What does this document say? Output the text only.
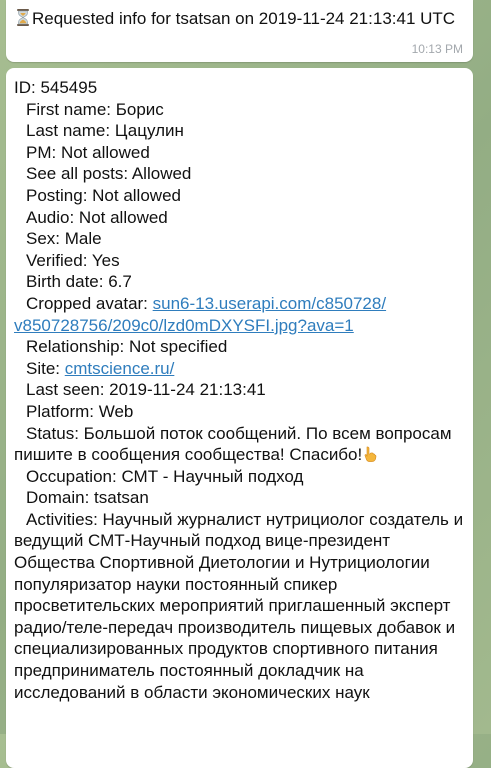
Requested info for tsatsan on 2019-11-24 21:13:41 UTC
10:13 PM
ID: 545495
First name: Борис
Last name: Цацулин
PM: Not allowed
See all posts: Allowed
Posting: Not allowed
Audio: Not allowed
Sex: Male
Verified: Yes
Birth date: 6.7
Cropped avatar: sun6-13.userapi.com/c850728/
v850728756/209c0/lzd0mDXYSFI.jpg?ava=1
Relationship: Not specified
Site: cmtscience.ru/
Last seen: 2019-11-24 21:13:41
Platform: Web
Status: Большой поток сообщений. По всем вопросам пишите в сообщения сообщества! Спасибо!
Occupation: СМТ - Научный подход
Domain: tsatsan
Activities: Научный журналист нутрициолог создатель и ведущий СМТ-Научный подход вице-президент Общества Спортивной Диетологии и Нутрициологии популяризатор науки постоянный спикер просветительских мероприятий приглашенный эксперт радио/теле-передач производитель пищевых добавок и специализированных продуктов спортивного питания предприниматель постоянный докладчик на исследований в области экономических наук
